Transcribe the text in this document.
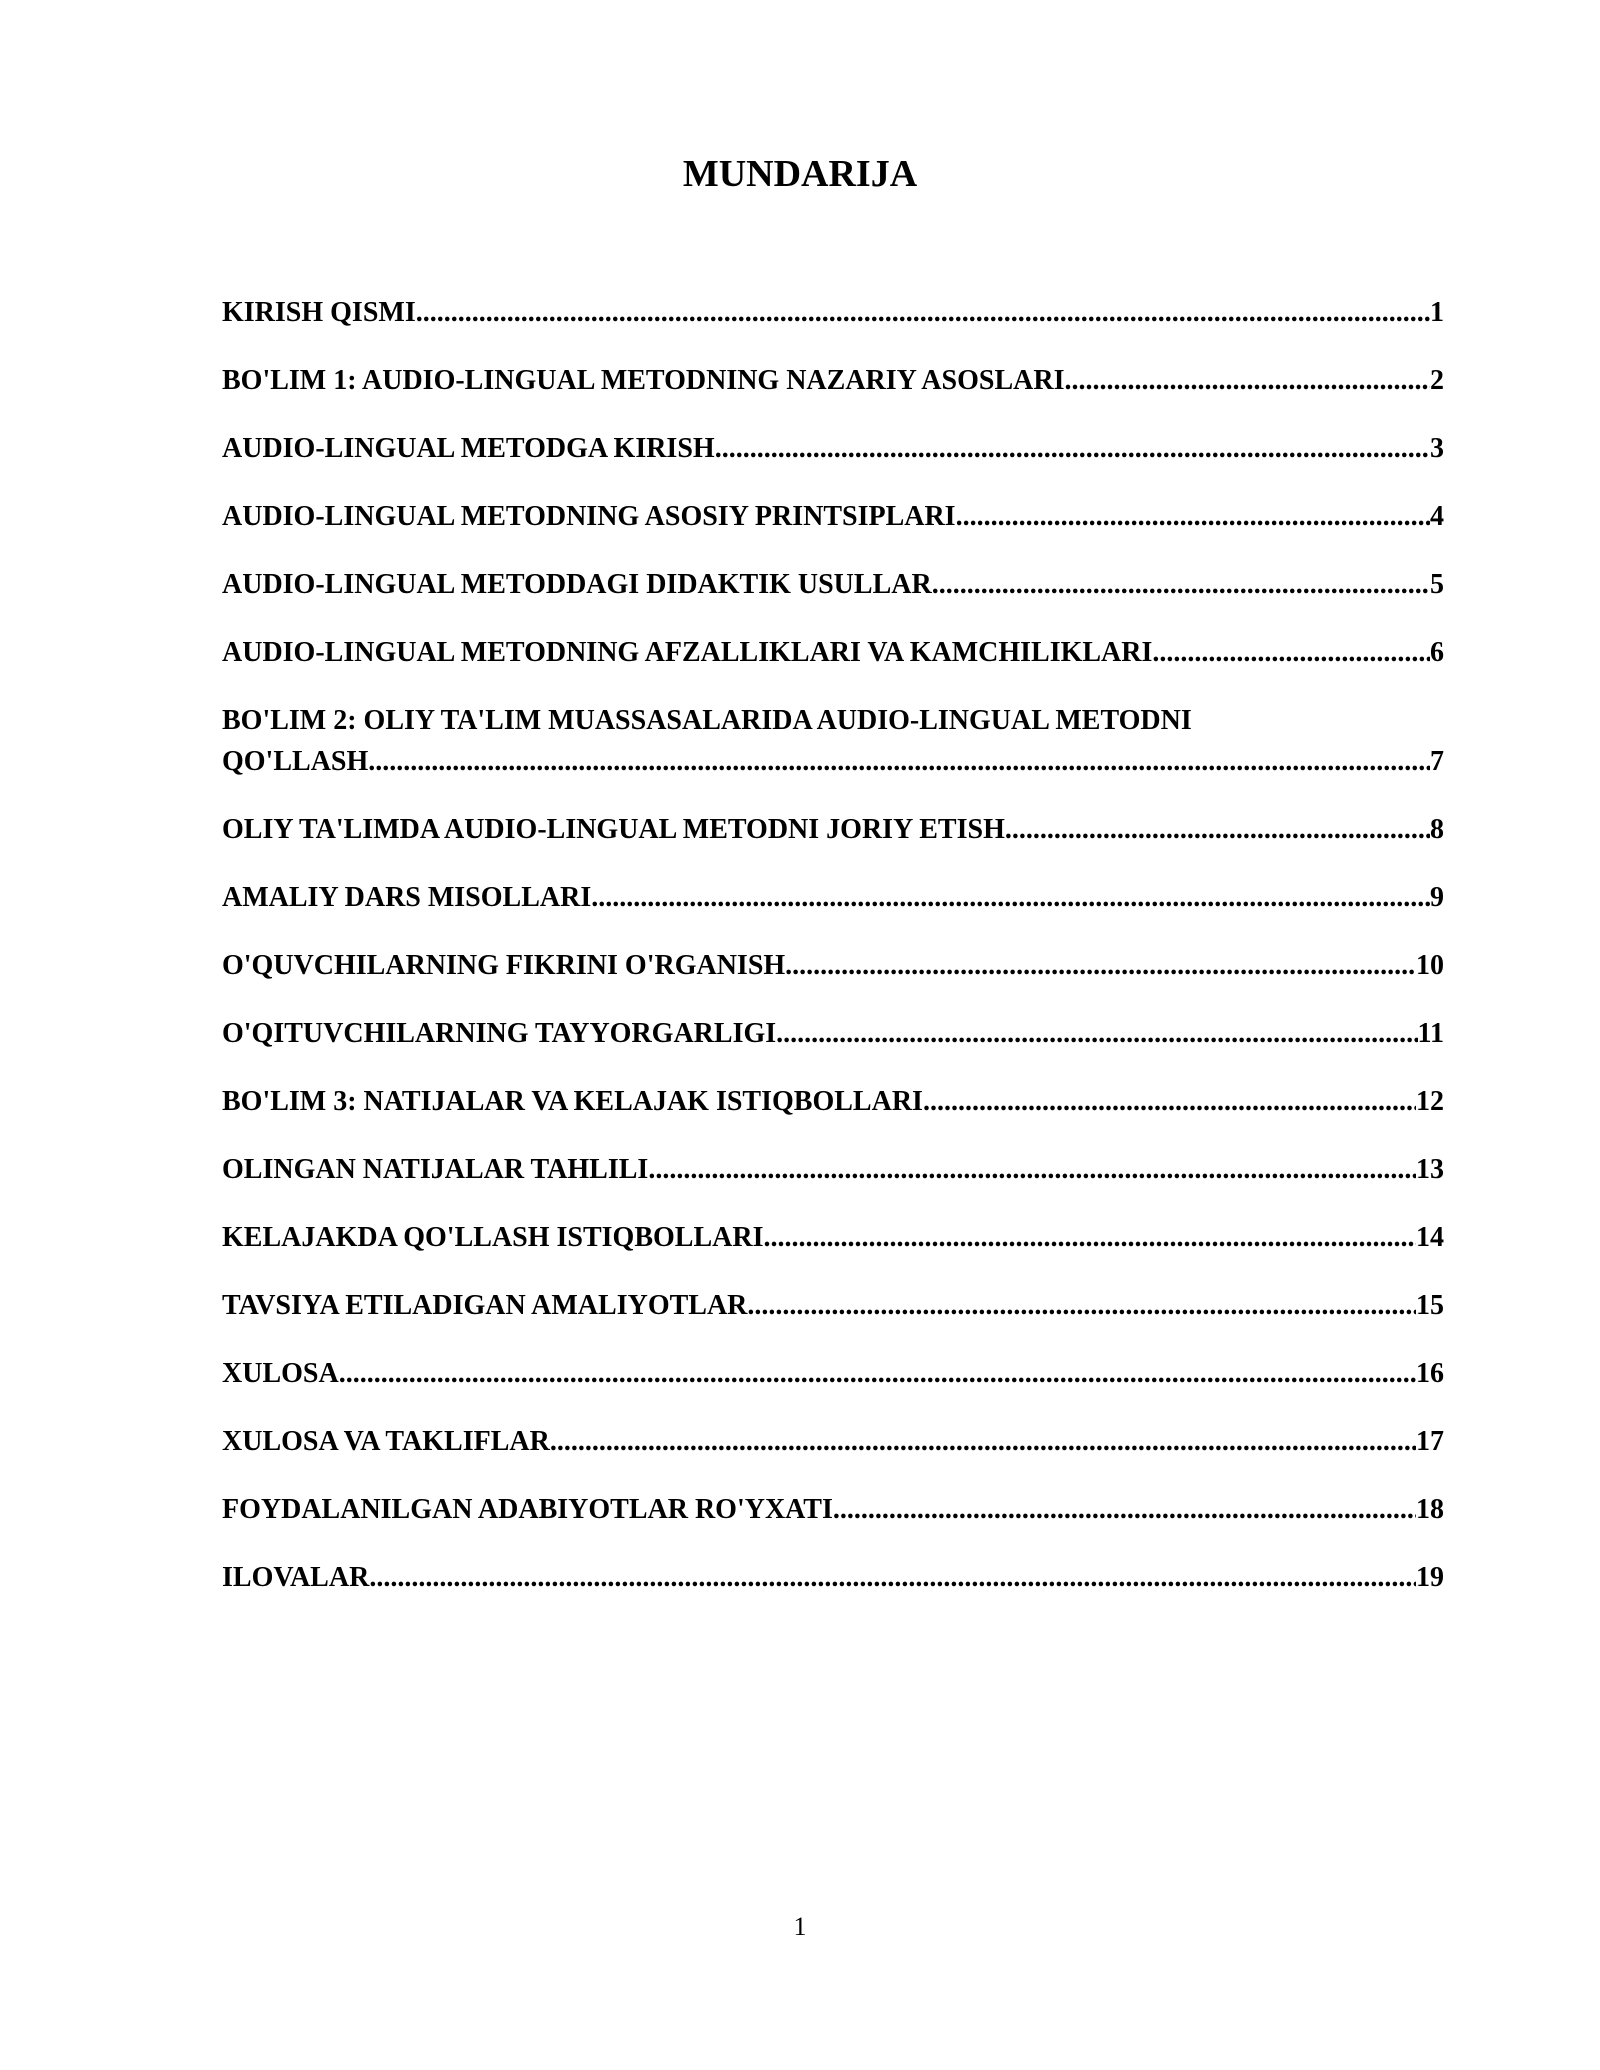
MUNDARIJA
KIRISH QISMI .....	1
BO'LIM 1: AUDIO-LINGUAL METODNING NAZARIY ASOSLARI .....	2
AUDIO-LINGUAL METODGA KIRISH .....	3
AUDIO-LINGUAL METODNING ASOSIY PRINTSIPLARI .....	4
AUDIO-LINGUAL METODDAGI DIDAKTIK USULLAR .....	5
AUDIO-LINGUAL METODNING AFZALLIKLARI VA KAMCHILIKLARI .....	6
BO'LIM 2: OLIY TA'LIM MUASSASALARIDA AUDIO-LINGUAL METODNI
QO'LLASH .....	7
OLIY TA'LIMDA AUDIO-LINGUAL METODNI JORIY ETISH .....	8
AMALIY DARS MISOLLARI .....	9
O'QUVCHILARNING FIKRINI O'RGANISH .....	10
O'QITUVCHILARNING TAYYORGARLIGI .....	11
BO'LIM 3: NATIJALAR VA KELAJAK ISTIQBOLLARI .....	12
OLINGAN NATIJALAR TAHLILI .....	13
KELAJAKDA QO'LLASH ISTIQBOLLARI .....	14
TAVSIYA ETILADIGAN AMALIYOTLAR .....	15
XULOSA .....	16
XULOSA VA TAKLIFLAR .....	17
FOYDALANILGAN ADABIYOTLAR RO'YXATI .....	18
ILOVALAR .....	19
1
